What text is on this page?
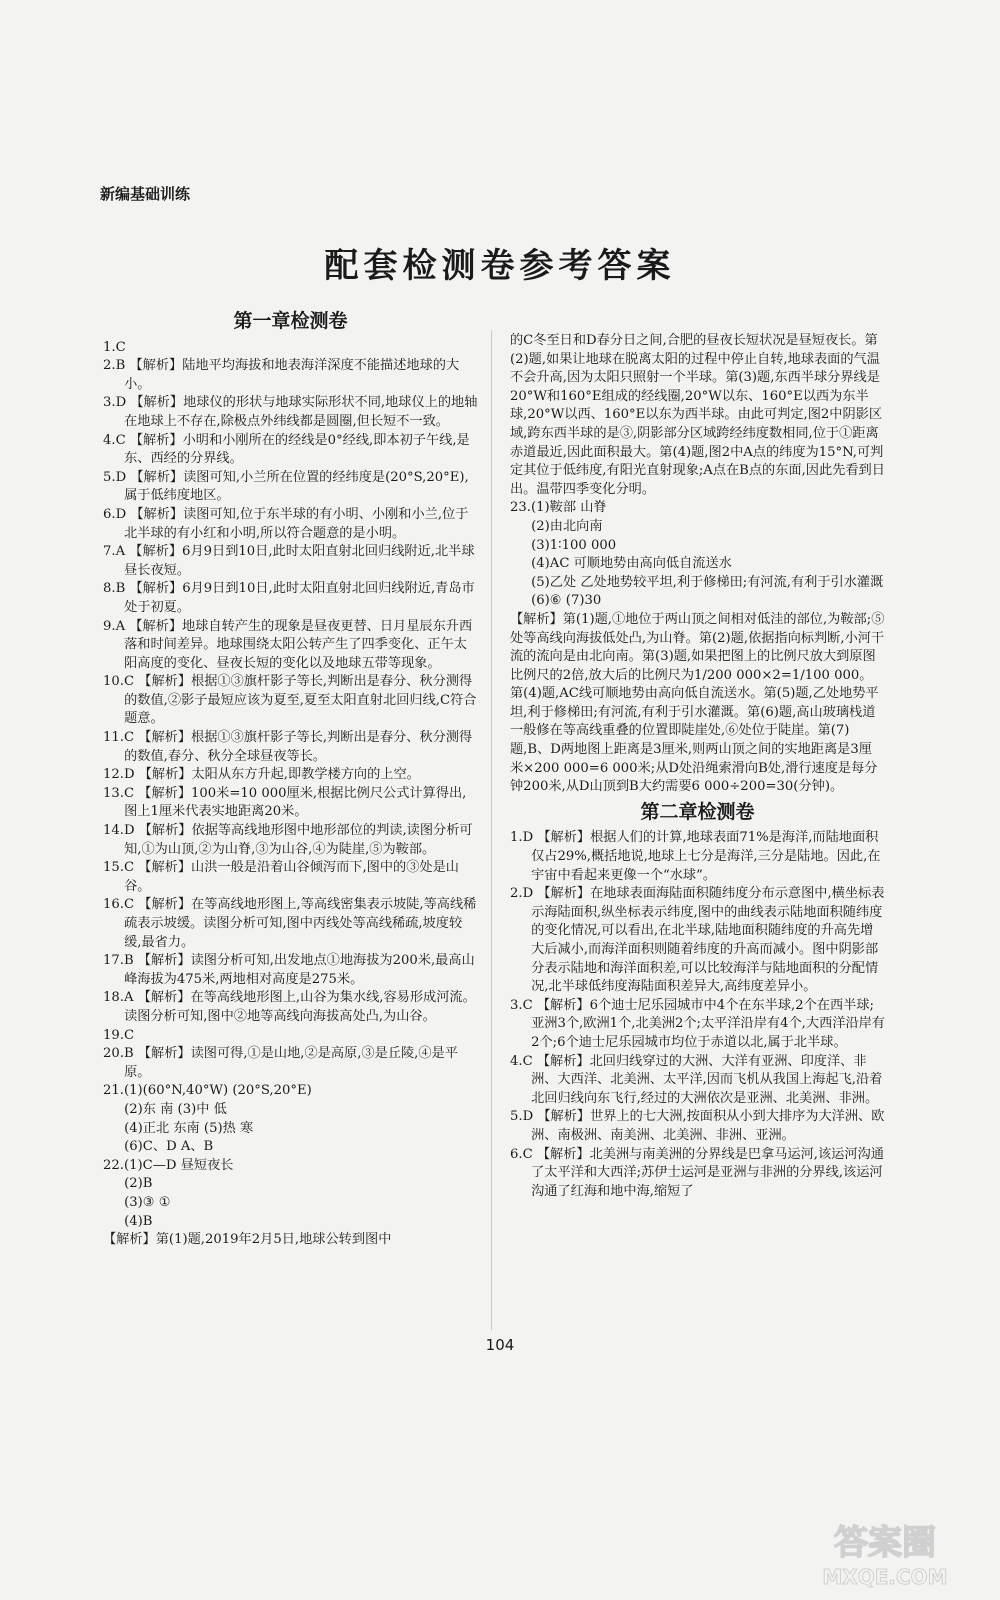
新编基础训练
配套检测卷参考答案
第一章检测卷
1.C
2.B 【解析】陆地平均海拔和地表海洋深度不能描述地球的大小。
3.D 【解析】地球仪的形状与地球实际形状不同,地球仪上的地轴在地球上不存在,除极点外纬线都是圆圈,但长短不一致。
4.C 【解析】小明和小刚所在的经线是0°经线,即本初子午线,是东、西经的分界线。
5.D 【解析】读图可知,小兰所在位置的经纬度是(20°S,20°E),属于低纬度地区。
6.D 【解析】读图可知,位于东半球的有小明、小刚和小兰,位于北半球的有小红和小明,所以符合题意的是小明。
7.A 【解析】6月9日到10日,此时太阳直射北回归线附近,北半球昼长夜短。
8.B 【解析】6月9日到10日,此时太阳直射北回归线附近,青岛市处于初夏。
9.A 【解析】地球自转产生的现象是昼夜更替、日月星辰东升西落和时间差异。地球围绕太阳公转产生了四季变化、正午太阳高度的变化、昼夜长短的变化以及地球五带等现象。
10.C 【解析】根据①③旗杆影子等长,判断出是春分、秋分测得的数值,②影子最短应该为夏至,夏至太阳直射北回归线,C符合题意。
11.C 【解析】根据①③旗杆影子等长,判断出是春分、秋分测得的数值,春分、秋分全球昼夜等长。
12.D 【解析】太阳从东方升起,即教学楼方向的上空。
13.C 【解析】100米=10 000厘米,根据比例尺公式计算得出,图上1厘米代表实地距离20米。
14.D 【解析】依据等高线地形图中地形部位的判读,读图分析可知,①为山顶,②为山脊,③为山谷,④为陡崖,⑤为鞍部。
15.C 【解析】山洪一般是沿着山谷倾泻而下,图中的③处是山谷。
16.C 【解析】在等高线地形图上,等高线密集表示坡陡,等高线稀疏表示坡缓。读图分析可知,图中丙线处等高线稀疏,坡度较缓,最省力。
17.B 【解析】读图分析可知,出发地点①地海拔为200米,最高山峰海拔为475米,两地相对高度是275米。
18.A 【解析】在等高线地形图上,山谷为集水线,容易形成河流。读图分析可知,图中②地等高线向海拔高处凸,为山谷。
19.C
20.B 【解析】读图可得,①是山地,②是高原,③是丘陵,④是平原。
21.(1)(60°N,40°W) (20°S,20°E)
(2)东 南 (3)中 低
(4)正北 东南 (5)热 寒
(6)C、D A、B
22.(1)C—D 昼短夜长
(2)B
(3)③ ①
(4)B
【解析】第(1)题,2019年2月5日,地球公转到图中
的C冬至日和D春分日之间,合肥的昼夜长短状况是昼短夜长。第(2)题,如果让地球在脱离太阳的过程中停止自转,地球表面的气温不会升高,因为太阳只照射一个半球。第(3)题,东西半球分界线是20°W和160°E组成的经线圈,20°W以东、160°E以西为东半球,20°W以西、160°E以东为西半球。由此可判定,图2中阴影区域,跨东西半球的是③,阴影部分区域跨经纬度数相同,位于①距离赤道最近,因此面积最大。第(4)题,图2中A点的纬度为15°N,可判定其位于低纬度,有阳光直射现象;A点在B点的东面,因此先看到日出。温带四季变化分明。
23.(1)鞍部 山脊
(2)由北向南
(3)1∶100 000
(4)AC 可顺地势由高向低自流送水
(5)乙处 乙处地势较平坦,利于修梯田;有河流,有利于引水灌溉
(6)⑥ (7)30
【解析】第(1)题,①地位于两山顶之间相对低洼的部位,为鞍部;⑤处等高线向海拔低处凸,为山脊。第(2)题,依据指向标判断,小河干流的流向是由北向南。第(3)题,如果把图上的比例尺放大到原图比例尺的2倍,放大后的比例尺为1/200 000×2=1/100 000。第(4)题,AC线可顺地势由高向低自流送水。第(5)题,乙处地势平坦,利于修梯田;有河流,有利于引水灌溉。第(6)题,高山玻璃栈道一般修在等高线重叠的位置即陡崖处,⑥处位于陡崖。第(7)题,B、D两地图上距离是3厘米,则两山顶之间的实地距离是3厘米×200 000=6 000米;从D处沿绳索滑向B处,滑行速度是每分钟200米,从D山顶到B大约需要6 000÷200=30(分钟)。
第二章检测卷
1.D 【解析】根据人们的计算,地球表面71%是海洋,而陆地面积仅占29%,概括地说,地球上七分是海洋,三分是陆地。因此,在宇宙中看起来更像一个“水球”。
2.D 【解析】在地球表面海陆面积随纬度分布示意图中,横坐标表示海陆面积,纵坐标表示纬度,图中的曲线表示陆地面积随纬度的变化情况,可以看出,在北半球,陆地面积随纬度的升高先增大后减小,而海洋面积则随着纬度的升高而减小。图中阴影部分表示陆地和海洋面积差,可以比较海洋与陆地面积的分配情况,北半球低纬度海陆面积差异大,高纬度差异小。
3.C 【解析】6个迪士尼乐园城市中4个在东半球,2个在西半球;亚洲3个,欧洲1个,北美洲2个;太平洋沿岸有4个,大西洋沿岸有2个;6个迪士尼乐园城市均位于赤道以北,属于北半球。
4.C 【解析】北回归线穿过的大洲、大洋有亚洲、印度洋、非洲、大西洋、北美洲、太平洋,因而飞机从我国上海起飞,沿着北回归线向东飞行,经过的大洲依次是亚洲、北美洲、非洲。
5.D 【解析】世界上的七大洲,按面积从小到大排序为大洋洲、欧洲、南极洲、南美洲、北美洲、非洲、亚洲。
6.C 【解析】北美洲与南美洲的分界线是巴拿马运河,该运河沟通了太平洋和大西洋;苏伊士运河是亚洲与非洲的分界线,该运河沟通了红海和地中海,缩短了
104
答案圈
MXQE.COM
